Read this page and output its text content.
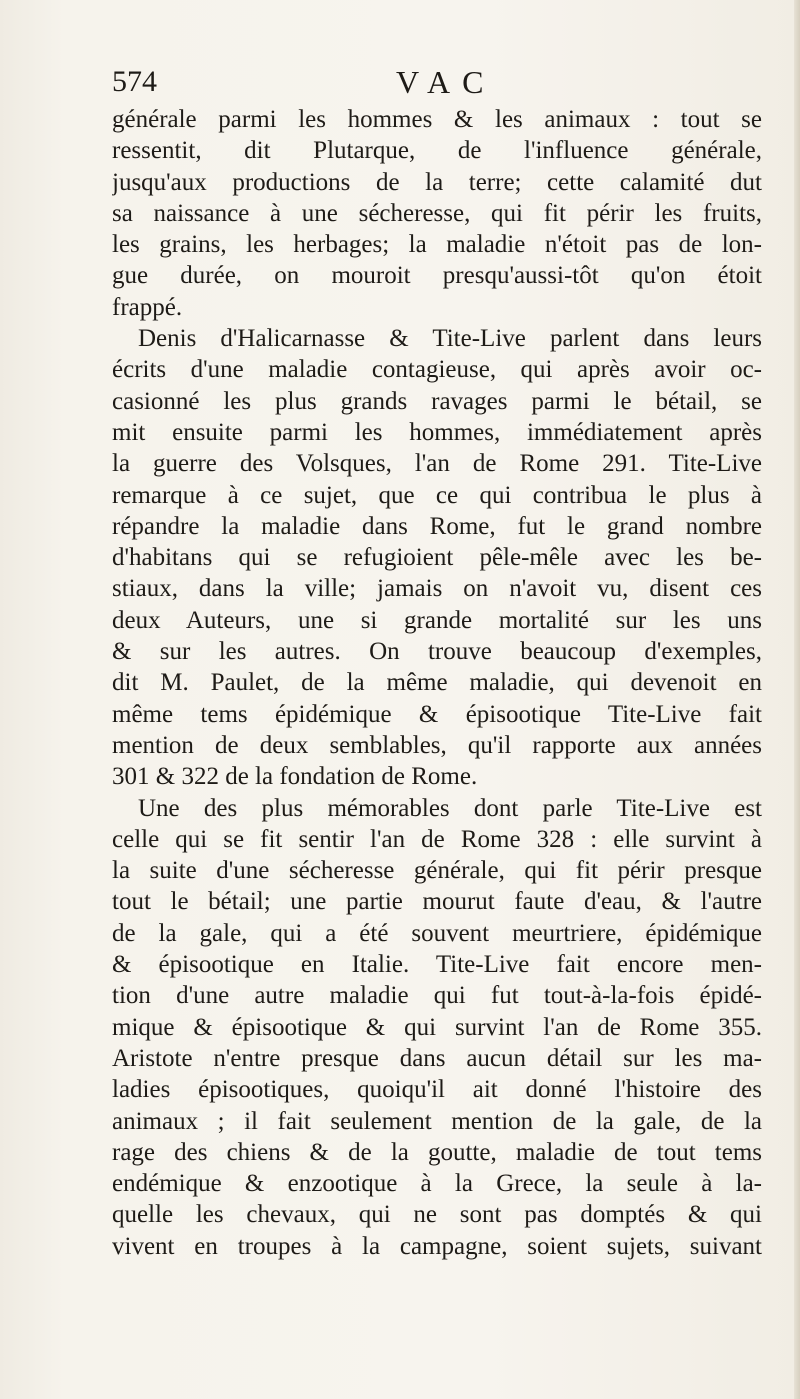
574	VAC
générale parmi les hommes & les animaux : tout se
ressentit, dit Plutarque, de l'influence générale,
jusqu'aux productions de la terre; cette calamité dut
sa naissance à une sécheresse, qui fit périr les fruits,
les grains, les herbages; la maladie n'étoit pas de lon-
gue durée, on mouroit presqu'aussi-tôt qu'on étoit
frappé.
Denis d'Halicarnasse & Tite-Live parlent dans leurs
écrits d'une maladie contagieuse, qui après avoir oc-
casionné les plus grands ravages parmi le bétail, se
mit ensuite parmi les hommes, immédiatement après
la guerre des Volsques, l'an de Rome 291. Tite-Live
remarque à ce sujet, que ce qui contribua le plus à
répandre la maladie dans Rome, fut le grand nombre
d'habitans qui se refugioient pêle-mêle avec les be-
stiaux, dans la ville; jamais on n'avoit vu, disent ces
deux Auteurs, une si grande mortalité sur les uns
& sur les autres. On trouve beaucoup d'exemples,
dit M. Paulet, de la même maladie, qui devenoit en
même tems épidémique & épisootique Tite-Live fait
mention de deux semblables, qu'il rapporte aux années
301 & 322 de la fondation de Rome.
Une des plus mémorables dont parle Tite-Live est
celle qui se fit sentir l'an de Rome 328 : elle survint à
la suite d'une sécheresse générale, qui fit périr presque
tout le bétail; une partie mourut faute d'eau, & l'autre
de la gale, qui a été souvent meurtriere, épidémique
& épisootique en Italie. Tite-Live fait encore men-
tion d'une autre maladie qui fut tout-à-la-fois épidé-
mique & épisootique & qui survint l'an de Rome 355.
Aristote n'entre presque dans aucun détail sur les ma-
ladies épisootiques, quoiqu'il ait donné l'histoire des
animaux ; il fait seulement mention de la gale, de la
rage des chiens & de la goutte, maladie de tout tems
endémique & enzootique à la Grece, la seule à la-
quelle les chevaux, qui ne sont pas domptés & qui
vivent en troupes à la campagne, soient sujets, suivant
